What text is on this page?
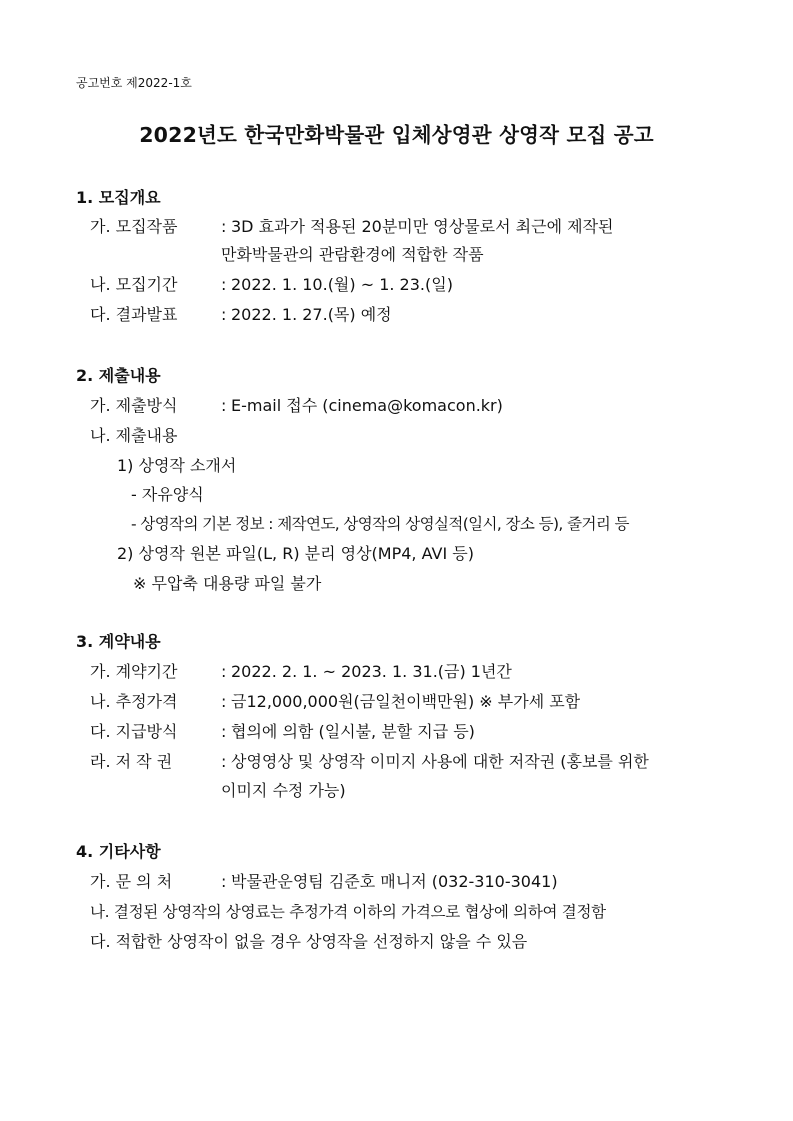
공고번호 제2022-1호
2022년도 한국만화박물관 입체상영관 상영작 모집 공고
1. 모집개요
가. 모집작품	: 3D 효과가 적용된 20분미만 영상물로서 최근에 제작된
만화박물관의 관람환경에 적합한 작품
나. 모집기간	: 2022. 1. 10.(월) ~ 1. 23.(일)
다. 결과발표	: 2022. 1. 27.(목) 예정
2. 제출내용
가. 제출방식	: E-mail 접수 (cinema@komacon.kr)
나. 제출내용
1) 상영작 소개서
- 자유양식
- 상영작의 기본 정보 : 제작연도, 상영작의 상영실적(일시, 장소 등), 줄거리 등
2) 상영작 원본 파일(L, R) 분리 영상(MP4, AVI 등)
※ 무압축 대용량 파일 불가
3. 계약내용
가. 계약기간	: 2022. 2. 1. ~ 2023. 1. 31.(금) 1년간
나. 추정가격	: 금12,000,000원(금일천이백만원) ※ 부가세 포함
다. 지급방식	: 협의에 의함 (일시불, 분할 지급 등)
라. 저 작 권	: 상영영상 및 상영작 이미지 사용에 대한 저작권 (홍보를 위한
이미지 수정 가능)
4. 기타사항
가. 문 의 처	: 박물관운영팀 김준호 매니저 (032-310-3041)
나. 결정된 상영작의 상영료는 추정가격 이하의 가격으로 협상에 의하여 결정함
다. 적합한 상영작이 없을 경우 상영작을 선정하지 않을 수 있음
